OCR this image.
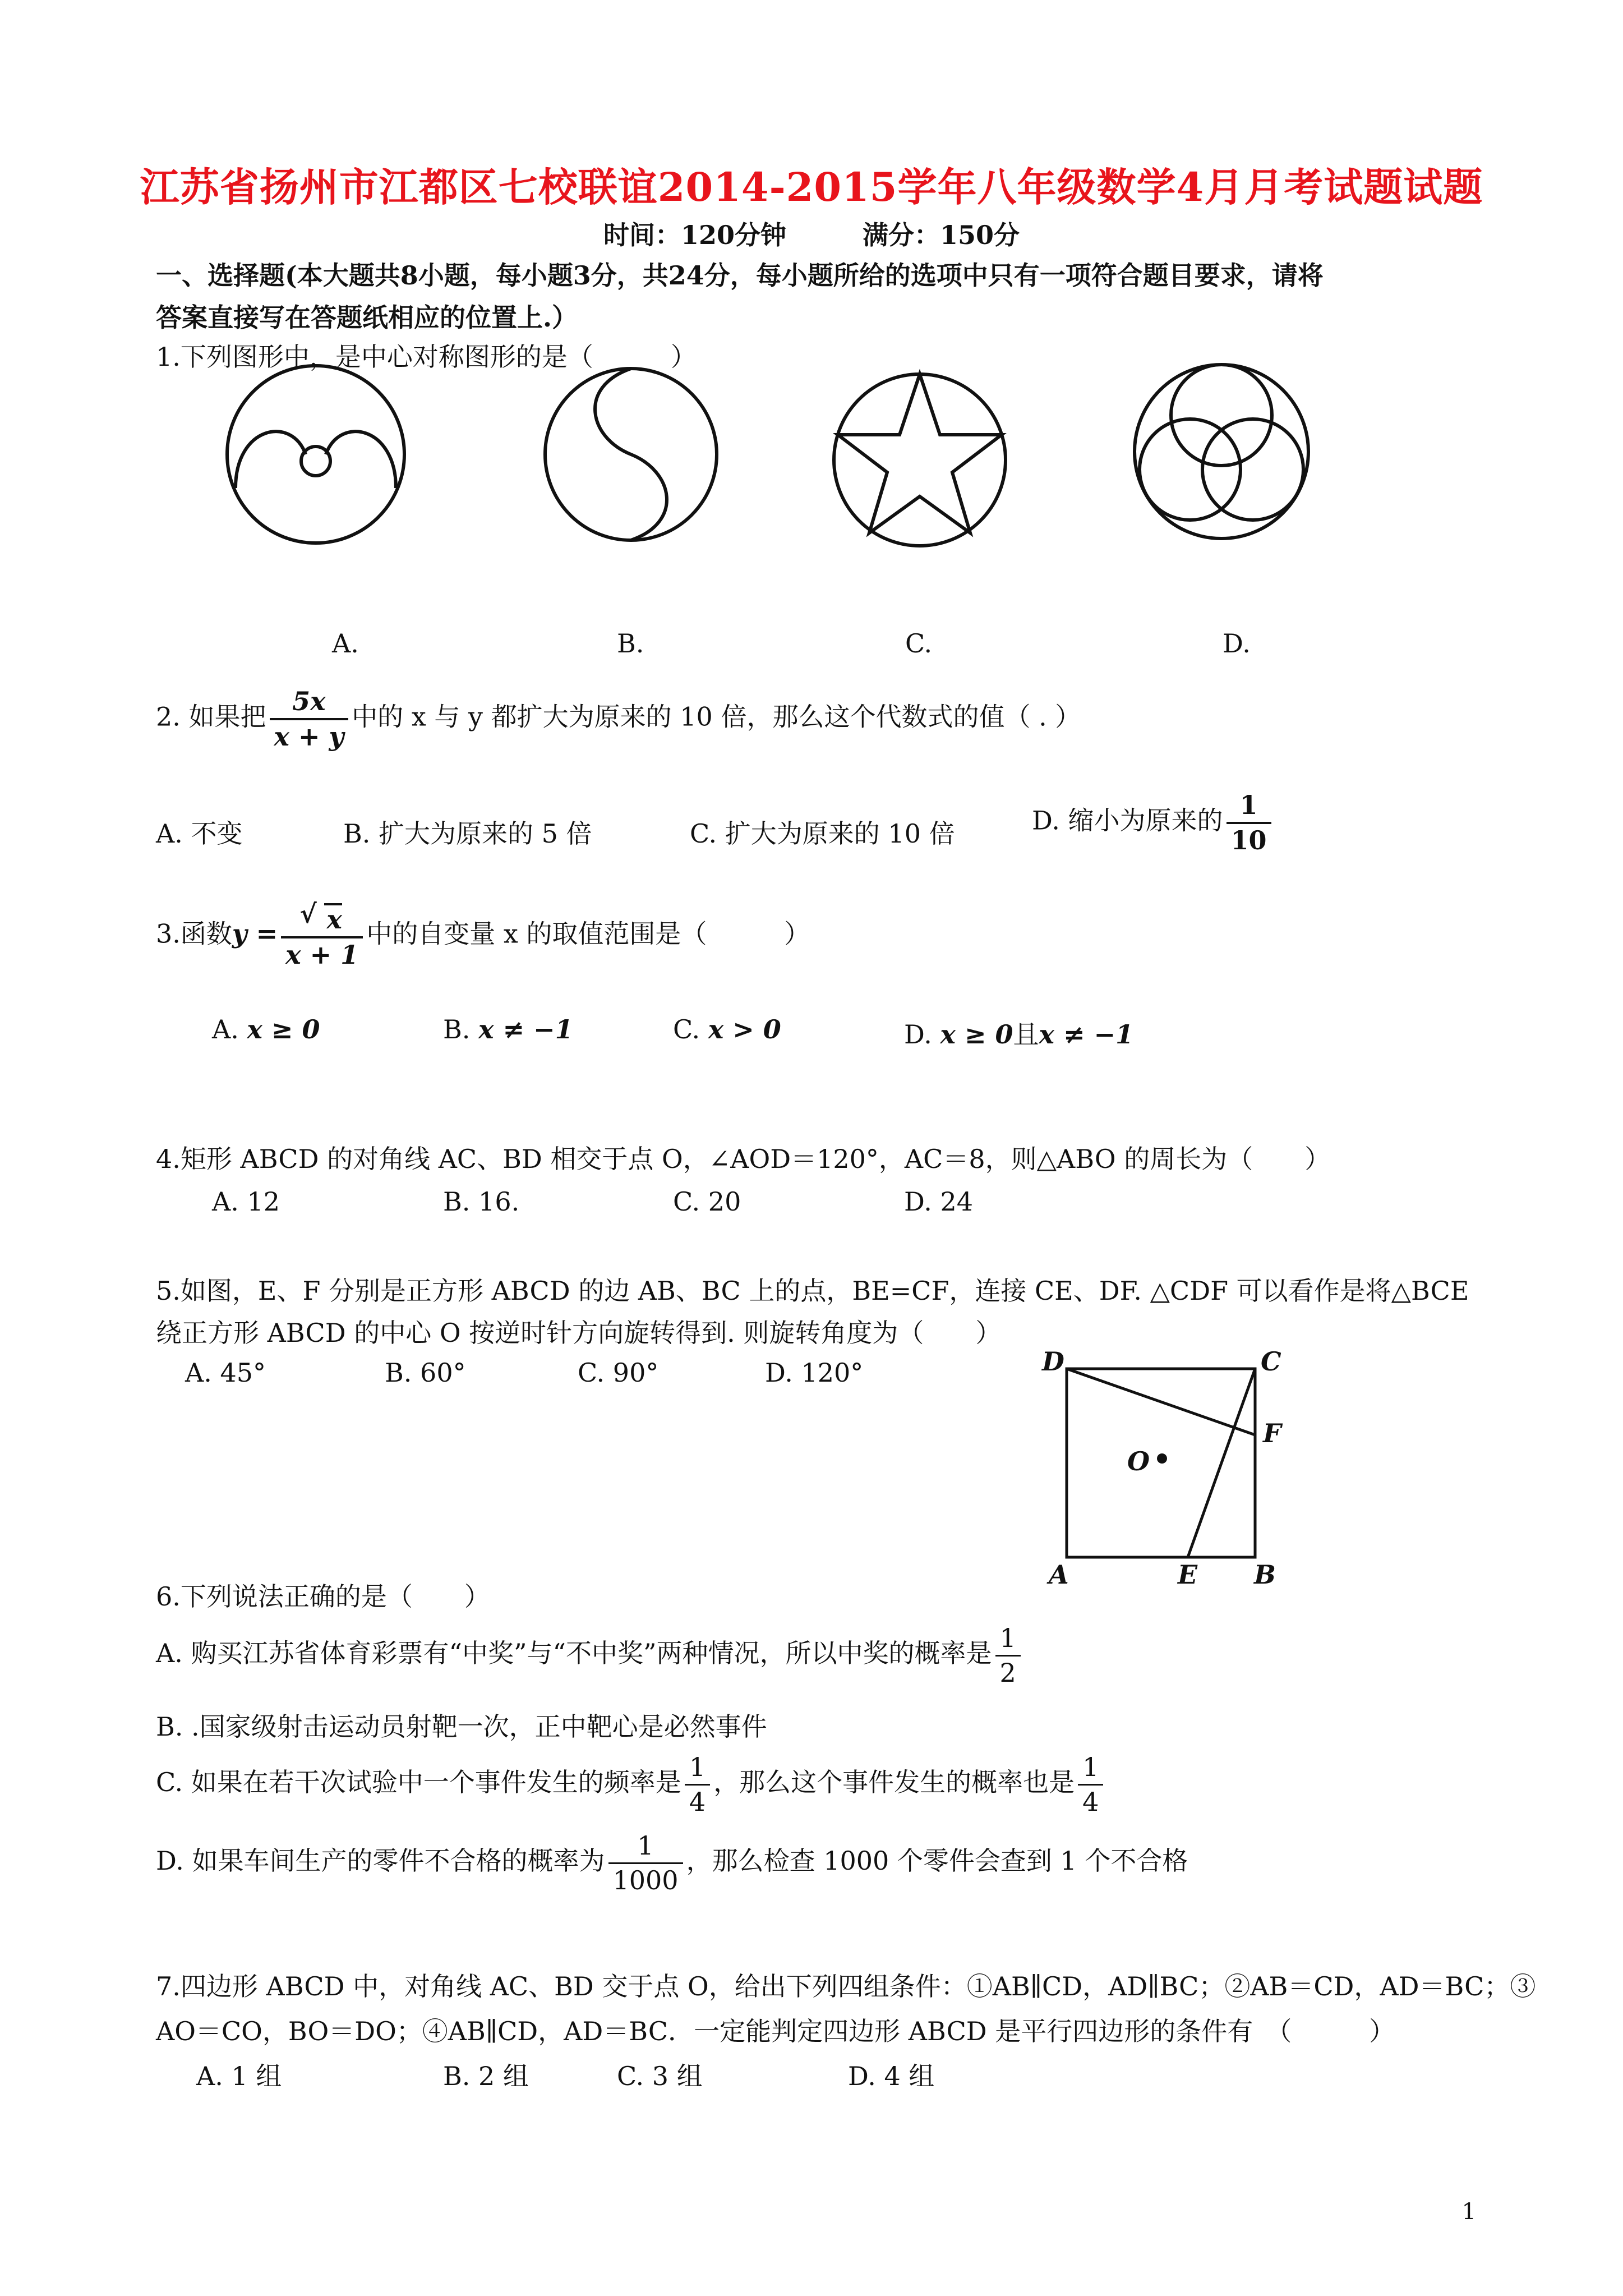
江苏省扬州市江都区七校联谊2014-2015学年八年级数学4月月考试题试题
时间：120分钟	满分：150分
一、选择题(本大题共8小题，每小题3分，共24分，每小题所给的选项中只有一项符合题目要求，请将
答案直接写在答题纸相应的位置上.）
1.下列图形中，是中心对称图形的是（　　　）
A.	B.	C.	D.
2. 如果把 $\frac{5x}{x + y}$ 中的 x 与 y 都扩大为原来的 10 倍，那么这个代数式的值（ . ）
A. 不变	B. 扩大为原来的 5 倍	C. 扩大为原来的 10 倍	D. 缩小为原来的 $\frac{1}{10}$
3.函数y =
√ $\frac{x}{x + 1}$ 中的自变量 x 的取值范围是（　　　）
A. x ≥ 0	B. x ≠ −1	C. x > 0	D. x ≥ 0且x ≠ −1
4.矩形 ABCD 的对角线 AC、BD 相交于点 O，∠AOD＝120°，AC＝8，则△ABO 的周长为（　　）
A. 12	B. 16.	C. 20	D. 24
5.如图，E、F 分别是正方形 ABCD 的边 AB、BC 上的点，BE=CF，连接 CE、DF. △CDF 可以看作是将△BCE
绕正方形 ABCD 的中心 O 按逆时针方向旋转得到. 则旋转角度为（　　）
A. 45°	B. 60°	C. 90°	D. 120°	D	C
F
O
A	E B
6.下列说法正确的是（　　）
A. 购买江苏省体育彩票有“中奖”与“不中奖”两种情况，所以中奖的概率是 $\frac{1}{2}$
B. .国家级射击运动员射靶一次，正中靶心是必然事件
C. 如果在若干次试验中一个事件发生的频率是 $\frac{1}{4}$ ，那么这个事件发生的概率也是 $\frac{1}{4}$
D. 如果车间生产的零件不合格的概率为 $\frac{1}{1000}$ ，那么检查 1000 个零件会查到 1 个不合格
7.四边形 ABCD 中，对角线 AC、BD 交于点 O，给出下列四组条件：①AB∥CD，AD∥BC；②AB＝CD，AD＝BC；③
AO＝CO，BO＝DO；④AB∥CD，AD＝BC．一定能判定四边形 ABCD 是平行四边形的条件有　（　　　）
A. 1 组	B. 2 组	C. 3 组	D. 4 组
1
